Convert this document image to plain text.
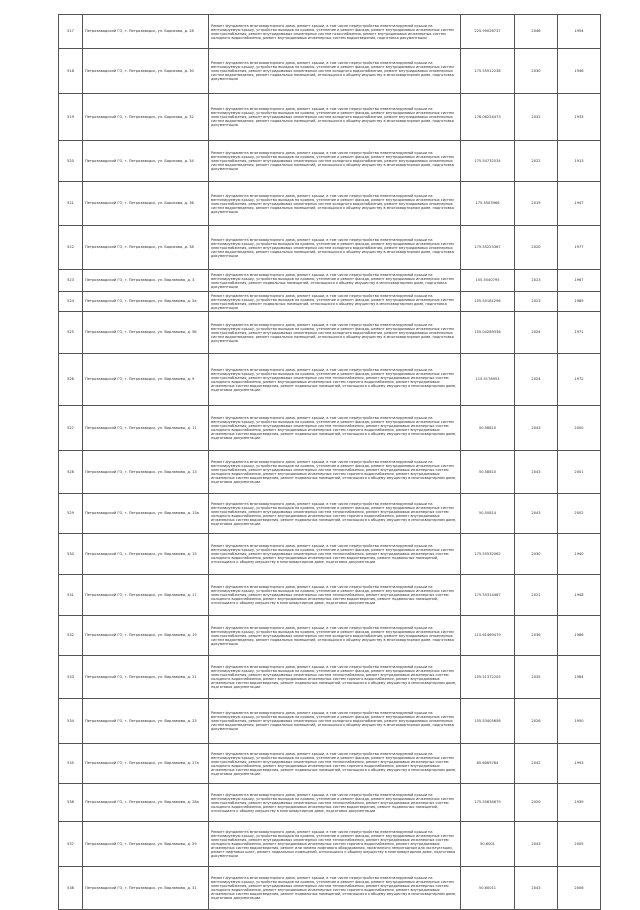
517	Петрозаводский ГО, г. Петрозаводск, ул. Борисова, д. 28	Ремонт фундамента многоквартирного дома, ремонт крыши, в том числе переустройство невентилируемой крыши на вентилируемую крышу, устройство выходов на кровлю, утепление и ремонт фасада, ремонт внутридомовых инженерных систем электроснабжения, ремонт внутридомовых инженерных систем газоснабжения, ремонт внутридомовых инженерных систем холодного водоснабжения, ремонт внутридомовых инженерных систем водоотведения, подготовка документации	225.99026737	2046	1954
518	Петрозаводский ГО, г. Петрозаводск, ул. Борисова, д. 30	Ремонт фундамента многоквартирного дома, ремонт крыши, в том числе переустройство невентилируемой крыши на вентилируемую крышу, устройство выходов на кровлю, утепление и ремонт фасада, ремонт внутридомовых инженерных систем электроснабжения, ремонт внутридомовых инженерных систем холодного водоснабжения, ремонт внутридомовых инженерных систем водоотведения, ремонт подвальных помещений, относящихся к общему имуществу в многоквартирном доме, подготовка документации	175.55512238	2030	1946
519	Петрозаводский ГО, г. Петрозаводск, ул. Борисова, д. 32	Ремонт фундамента многоквартирного дома, ремонт крыши, в том числе переустройство невентилируемой крыши на вентилируемую крышу, устройство выходов на кровлю, утепление и ремонт фасада, ремонт внутридомовых инженерных систем электроснабжения, ремонт внутридомовых инженерных систем холодного водоснабжения, ремонт внутридомовых инженерных систем водоотведения, ремонт подвальных помещений, относящихся к общему имуществу в многоквартирном доме, подготовка документации	176.06224473	2032	1933
520	Петрозаводский ГО, г. Петрозаводск, ул. Борисова, д. 34	Ремонт фундамента многоквартирного дома, ремонт крыши, в том числе переустройство невентилируемой крыши на вентилируемую крышу, устройство выходов на кровлю, утепление и ремонт фасада, ремонт внутридомовых инженерных систем электроснабжения, ремонт внутридомовых инженерных систем холодного водоснабжения, ремонт внутридомовых инженерных систем водоотведения, ремонт подвальных помещений, относящихся к общему имуществу в многоквартирном доме, подготовка документации	175.54732534	2022	1913
521	Петрозаводский ГО, г. Петрозаводск, ул. Борисова, д. 36	Ремонт фундамента многоквартирного дома, ремонт крыши, в том числе переустройство невентилируемой крыши на вентилируемую крышу, устройство выходов на кровлю, утепление и ремонт фасада, ремонт внутридомовых инженерных систем электроснабжения, ремонт внутридомовых инженерных систем холодного водоснабжения, ремонт внутридомовых инженерных систем водоотведения, ремонт подвальных помещений, относящихся к общему имуществу в многоквартирном доме, подготовка документации	175.5503966	2019	1947
522	Петрозаводский ГО, г. Петрозаводск, ул. Борисова, д. 38	Ремонт фундамента многоквартирного дома, ремонт крыши, в том числе переустройство невентилируемой крыши на вентилируемую крышу, устройство выходов на кровлю, утепление и ремонт фасада, ремонт внутридомовых инженерных систем электроснабжения, ремонт внутридомовых инженерных систем холодного водоснабжения, ремонт внутридомовых инженерных систем водоотведения, ремонт подвальных помещений, относящихся к общему имуществу в многоквартирном доме, подготовка документации	175.55223367	2020	1977
523	Петрозаводский ГО, г. Петрозаводск, ул. Варламова, д. 3	Ремонт фундамента многоквартирного дома, ремонт крыши, в том числе переустройство невентилируемой крыши на вентилируемую крышу, устройство выходов на кровлю, утепление и ремонт фасада, ремонт внутридомовых инженерных систем электроснабжения, ремонт подвальных помещений, относящихся к общему имуществу в многоквартирном доме, подготовка документации	155.5540795	2023	1967
524	Петрозаводский ГО, г. Петрозаводск, ул. Варламова, д. 5а	Ремонт фундамента многоквартирного дома, ремонт крыши, в том числе переустройство невентилируемой крыши на вентилируемую крышу, устройство выходов на кровлю, утепление и ремонт фасада, ремонт внутридомовых инженерных систем электроснабжения, ремонт подвальных помещений, относящихся к общему имуществу в многоквартирном доме, подготовка документации	155.55181296	2023	1989
525	Петрозаводский ГО, г. Петрозаводск, ул. Варламова, д. 5б	Ремонт фундамента многоквартирного дома, ремонт крыши, в том числе переустройство невентилируемой крыши на вентилируемую крышу, устройство выходов на кровлю, утепление и ремонт фасада, ремонт внутридомовых инженерных систем электроснабжения, ремонт внутридомовых инженерных систем холодного водоснабжения, ремонт внутридомовых инженерных систем водоотведения, ремонт подвальных помещений, относящихся к общему имуществу в многоквартирном доме, подготовка документации	155.04289336	2024	1971
526	Петрозаводский ГО, г. Петрозаводск, ул. Варламова, д. 9	Ремонт фундамента многоквартирного дома, ремонт крыши, в том числе переустройство невентилируемой крыши на вентилируемую крышу, устройство выходов на кровлю, утепление и ремонт фасада, ремонт внутридомовых инженерных систем электроснабжения, ремонт внутридомовых инженерных систем теплоснабжения, ремонт внутридомовых инженерных систем холодного водоснабжения, ремонт внутридомовых инженерных систем горячего водоснабжения, ремонт внутридомовых инженерных систем водоотведения, ремонт подвальных помещений, относящихся к общему имуществу в многоквартирном доме, подготовка документации	115.5178953	2024	1972
527	Петрозаводский ГО, г. Петрозаводск, ул. Варламова, д. 11	Ремонт фундамента многоквартирного дома, ремонт крыши, в том числе переустройство невентилируемой крыши на вентилируемую крышу, устройство выходов на кровлю, утепление и ремонт фасада, ремонт внутридомовых инженерных систем электроснабжения, ремонт внутридомовых инженерных систем теплоснабжения, ремонт внутридомовых инженерных систем холодного водоснабжения, ремонт внутридомовых инженерных систем горячего водоснабжения, ремонт внутридомовых инженерных систем водоотведения, ремонт подвальных помещений, относящихся к общему имуществу в многоквартирном доме, подготовка документации	50.58810	2043	2000
528	Петрозаводский ГО, г. Петрозаводск, ул. Варламова, д. 13	Ремонт фундамента многоквартирного дома, ремонт крыши, в том числе переустройство невентилируемой крыши на вентилируемую крышу, устройство выходов на кровлю, утепление и ремонт фасада, ремонт внутридомовых инженерных систем электроснабжения, ремонт внутридомовых инженерных систем теплоснабжения, ремонт внутридомовых инженерных систем холодного водоснабжения, ремонт внутридомовых инженерных систем горячего водоснабжения, ремонт внутридомовых инженерных систем водоотведения, ремонт подвальных помещений, относящихся к общему имуществу в многоквартирном доме, подготовка документации	50.58810	2043	2001
529	Петрозаводский ГО, г. Петрозаводск, ул. Варламова, д. 13а	Ремонт фундамента многоквартирного дома, ремонт крыши, в том числе переустройство невентилируемой крыши на вентилируемую крышу, устройство выходов на кровлю, утепление и ремонт фасада, ремонт внутридомовых инженерных систем электроснабжения, ремонт внутридомовых инженерных систем теплоснабжения, ремонт внутридомовых инженерных систем холодного водоснабжения, ремонт внутридомовых инженерных систем горячего водоснабжения, ремонт внутридомовых инженерных систем водоотведения, ремонт подвальных помещений, относящихся к общему имуществу в многоквартирном доме, подготовка документации	50.50814	2043	2002
530	Петрозаводский ГО, г. Петрозаводск, ул. Варламова, д. 15	Ремонт фундамента многоквартирного дома, ремонт крыши, в том числе переустройство невентилируемой крыши на вентилируемую крышу, устройство выходов на кровлю, утепление и ремонт фасада, ремонт внутридомовых инженерных систем электроснабжения, ремонт внутридомовых инженерных систем теплоснабжения, ремонт внутридомовых инженерных систем холодного водоснабжения, ремонт внутридомовых инженерных систем водоотведения, ремонт подвальных помещений, относящихся к общему имуществу в многоквартирном доме, подготовка документации	175.55532062	2030	1940
531	Петрозаводский ГО, г. Петрозаводск, ул. Варламова, д. 17	Ремонт фундамента многоквартирного дома, ремонт крыши, в том числе переустройство невентилируемой крыши на вентилируемую крышу, устройство выходов на кровлю, утепление и ремонт фасада, ремонт внутридомовых инженерных систем электроснабжения, ремонт внутридомовых инженерных систем теплоснабжения, ремонт внутридомовых инженерных систем холодного водоснабжения, ремонт внутридомовых инженерных систем водоотведения, ремонт подвальных помещений, относящихся к общему имуществу в многоквартирном доме, подготовка документации	175.55314467	2021	1948
532	Петрозаводский ГО, г. Петрозаводск, ул. Варламова, д. 19	Ремонт фундамента многоквартирного дома, ремонт крыши, в том числе переустройство невентилируемой крыши на вентилируемую крышу, устройство выходов на кровлю, утепление и ремонт фасада, ремонт внутридомовых инженерных систем электроснабжения, ремонт внутридомовых инженерных систем холодного водоснабжения, ремонт внутридомовых инженерных систем водоотведения, ремонт подвальных помещений, относящихся к общему имуществу в многоквартирном доме, подготовка документации	115.61469479	2036	1986
533	Петрозаводский ГО, г. Петрозаводск, ул. Варламова, д. 21	Ремонт фундамента многоквартирного дома, ремонт крыши, в том числе переустройство невентилируемой крыши на вентилируемую крышу, устройство выходов на кровлю, утепление и ремонт фасада, ремонт внутридомовых инженерных систем электроснабжения, ремонт внутридомовых инженерных систем теплоснабжения, ремонт внутридомовых инженерных систем холодного водоснабжения, ремонт внутридомовых инженерных систем горячего водоснабжения, ремонт внутридомовых инженерных систем водоотведения, ремонт подвальных помещений, относящихся к общему имуществу в многоквартирном доме, подготовка документации	155.51372205	2035	1984
534	Петрозаводский ГО, г. Петрозаводск, ул. Варламова, д. 23	Ремонт фундамента многоквартирного дома, ремонт крыши, в том числе переустройство невентилируемой крыши на вентилируемую крышу, устройство выходов на кровлю, утепление и ремонт фасада, ремонт внутридомовых инженерных систем электроснабжения, ремонт внутридомовых инженерных систем холодного водоснабжения, ремонт внутридомовых инженерных систем водоотведения, ремонт подвальных помещений, относящихся к общему имуществу в многоквартирном доме, подготовка документации	155.53405658	2026	1950
535	Петрозаводский ГО, г. Петрозаводск, ул. Варламова, д. 27а	Ремонт фундамента многоквартирного дома, ремонт крыши, в том числе переустройство невентилируемой крыши на вентилируемую крышу, устройство выходов на кровлю, утепление и ремонт фасада, ремонт внутридомовых инженерных систем электроснабжения, ремонт внутридомовых инженерных систем теплоснабжения, ремонт внутридомовых инженерных систем холодного водоснабжения, ремонт внутридомовых инженерных систем горячего водоснабжения, ремонт внутридомовых инженерных систем водоотведения, ремонт подвальных помещений, относящихся к общему имуществу в многоквартирном доме, подготовка документации	65.6065764	2042	1993
536	Петрозаводский ГО, г. Петрозаводск, ул. Варламова, д. 28а	Ремонт фундамента многоквартирного дома, ремонт крыши, в том числе переустройство невентилируемой крыши на вентилируемую крышу, устройство выходов на кровлю, утепление и ремонт фасада, ремонт внутридомовых инженерных систем электроснабжения, ремонт внутридомовых инженерных систем теплоснабжения, ремонт внутридомовых инженерных систем холодного водоснабжения, ремонт внутридомовых инженерных систем водоотведения, ремонт подвальных помещений, относящихся к общему имуществу в многоквартирном доме, подготовка документации	175.50634679	2020	1939
537	Петрозаводский ГО, г. Петрозаводск, ул. Варламова, д. 29	Ремонт фундамента многоквартирного дома, ремонт крыши, в том числе переустройство невентилируемой крыши на вентилируемую крышу, устройство выходов на кровлю, утепление и ремонт фасада, ремонт внутридомовых инженерных систем электроснабжения, ремонт внутридомовых инженерных систем теплоснабжения, ремонт внутридомовых инженерных систем холодного водоснабжения, ремонт внутридомовых инженерных систем горячего водоснабжения, ремонт внутридомовых инженерных систем водоотведения, ремонт или замена лифтового оборудования, признанного непригодным для эксплуатации, ремонт лифтовых шахт, ремонт подвальных помещений, относящихся к общему имуществу в многоквартирном доме, подготовка документации	50.6001	2043	2005
538	Петрозаводский ГО, г. Петрозаводск, ул. Варламова, д. 31	Ремонт фундамента многоквартирного дома, ремонт крыши, в том числе переустройство невентилируемой крыши на вентилируемую крышу, устройство выходов на кровлю, утепление и ремонт фасада, ремонт внутридомовых инженерных систем электроснабжения, ремонт внутридомовых инженерных систем теплоснабжения, ремонт внутридомовых инженерных систем холодного водоснабжения, ремонт внутридомовых инженерных систем горячего водоснабжения, ремонт внутридомовых инженерных систем водоотведения, ремонт подвальных помещений, относящихся к общему имуществу в многоквартирном доме, подготовка документации	50.60011	2043	2006
